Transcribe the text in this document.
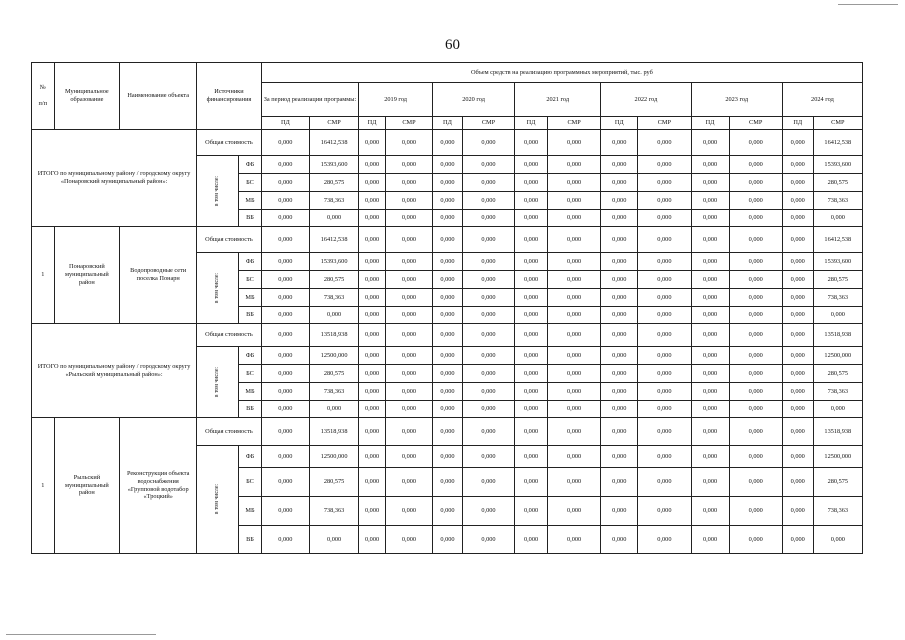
60
№
п/п	Муниципальное образование	Наименование объекта	Источники финансирования		Объем средств на реализацию программных мероприятий, тыс. руб													
					За период реализации программы:		2019 год		2020 год		2021 год		2022 год		2023 год		2024 год	
					ПД	СМР	ПД	СМР	ПД	СМР	ПД	СМР	ПД	СМР	ПД	СМР	ПД	СМР
ИТОГО по муниципальному району / городскому округу «Понаровский муниципальный район»:			Общая стоимость		0,000	16412,538	0,000	0,000	0,000	0,000	0,000	0,000	0,000	0,000	0,000	0,000	0,000	16412,538

			в том числе:	ФБ	0,000	15393,600	0,000	0,000	0,000	0,000	0,000	0,000	0,000	0,000	0,000	0,000	0,000	15393,600
				БС	0,000	280,575	0,000	0,000	0,000	0,000	0,000	0,000	0,000	0,000	0,000	0,000	0,000	280,575
				МБ	0,000	738,363	0,000	0,000	0,000	0,000	0,000	0,000	0,000	0,000	0,000	0,000	0,000	738,363
				ВБ	0,000	0,000	0,000	0,000	0,000	0,000	0,000	0,000	0,000	0,000	0,000	0,000	0,000	0,000
1	Понаровский муниципальный район	Водопроводные сети поселка Понарн	Общая стоимость		0,000	16412,538	0,000	0,000	0,000	0,000	0,000	0,000	0,000	0,000	0,000	0,000	0,000	16412,538

			в том числе:	ФБ	0,000	15393,600	0,000	0,000	0,000	0,000	0,000	0,000	0,000	0,000	0,000	0,000	0,000	15393,600
				БС	0,000	280,575	0,000	0,000	0,000	0,000	0,000	0,000	0,000	0,000	0,000	0,000	0,000	280,575
				МБ	0,000	738,363	0,000	0,000	0,000	0,000	0,000	0,000	0,000	0,000	0,000	0,000	0,000	738,363
				ВБ	0,000	0,000	0,000	0,000	0,000	0,000	0,000	0,000	0,000	0,000	0,000	0,000	0,000	0,000
ИТОГО по муниципальному району / городскому округу «Рыльский муниципальный район»:			Общая стоимость		0,000	13518,938	0,000	0,000	0,000	0,000	0,000	0,000	0,000	0,000	0,000	0,000	0,000	13518,938

			в том числе:	ФБ	0,000	12500,000	0,000	0,000	0,000	0,000	0,000	0,000	0,000	0,000	0,000	0,000	0,000	12500,000
				БС	0,000	280,575	0,000	0,000	0,000	0,000	0,000	0,000	0,000	0,000	0,000	0,000	0,000	280,575
				МБ	0,000	738,363	0,000	0,000	0,000	0,000	0,000	0,000	0,000	0,000	0,000	0,000	0,000	738,363
				ВБ	0,000	0,000	0,000	0,000	0,000	0,000	0,000	0,000	0,000	0,000	0,000	0,000	0,000	0,000
1	Рыльский муниципальный район	Реконструкция объекта водоснабжения «Групповой водотабор «Троцкий»	Общая стоимость		0,000	13518,938	0,000	0,000	0,000	0,000	0,000	0,000	0,000	0,000	0,000	0,000	0,000	13518,938

			в том числе:	ФБ	0,000	12500,000	0,000	0,000	0,000	0,000	0,000	0,000	0,000	0,000	0,000	0,000	0,000	12500,000
				БС	0,000	280,575	0,000	0,000	0,000	0,000	0,000	0,000	0,000	0,000	0,000	0,000	0,000	280,575
				МБ	0,000	738,363	0,000	0,000	0,000	0,000	0,000	0,000	0,000	0,000	0,000	0,000	0,000	738,363
				ВБ	0,000	0,000	0,000	0,000	0,000	0,000	0,000	0,000	0,000	0,000	0,000	0,000	0,000	0,000
